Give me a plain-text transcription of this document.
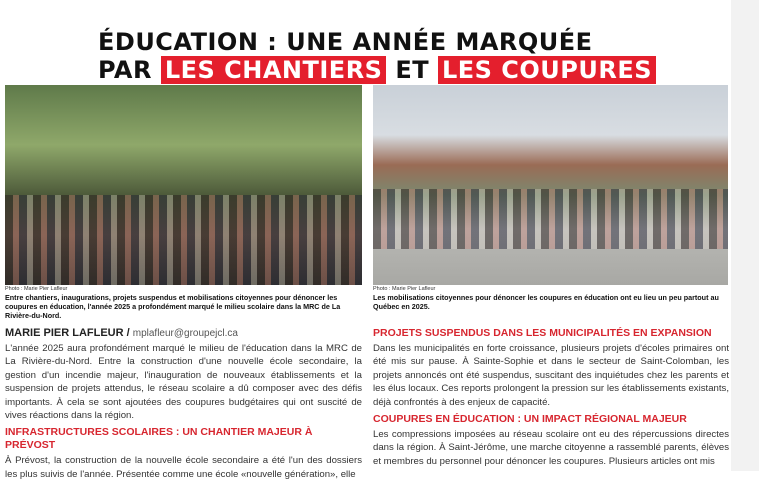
ÉDUCATION : UNE ANNÉE MARQUÉE
PAR LES CHANTIERS ET LES COUPURES
Photo : Marie Pier Lafleur
Entre chantiers, inaugurations, projets suspendus et mobilisations citoyennes pour dénoncer les coupures en éducation, l'année 2025 a profondément marqué le milieu scolaire dans la MRC de La Rivière-du-Nord.
MARIE PIER LAFLEUR / mplafleur@groupejcl.ca
L'année 2025 aura profondément marqué le milieu de l'éducation dans la MRC de La Rivière-du-Nord. Entre la construction d'une nouvelle école secondaire, la gestion d'un incendie majeur, l'inauguration de nouveaux établissements et la suspension de projets attendus, le réseau scolaire a dû composer avec des défis importants. À cela se sont ajoutées des coupures budgétaires qui ont suscité de vives réactions dans la région.
INFRASTRUCTURES SCOLAIRES : UN CHANTIER MAJEUR À PRÉVOST
À Prévost, la construction de la nouvelle école secondaire a été l'un des dossiers les plus suivis de l'année. Présentée comme une école «nouvelle génération», elle
Photo : Marie Pier Lafleur
Les mobilisations citoyennes pour dénoncer les coupures en éducation ont eu lieu un peu partout au Québec en 2025.
PROJETS SUSPENDUS DANS LES MUNICIPALITÉS EN EXPANSION
Dans les municipalités en forte croissance, plusieurs projets d'écoles primaires ont été mis sur pause. À Sainte-Sophie et dans le secteur de Saint-Colomban, les projets annoncés ont été suspendus, suscitant des inquiétudes chez les parents et les élus locaux. Ces reports prolongent la pression sur les établissements existants, déjà confrontés à des enjeux de capacité.
COUPURES EN ÉDUCATION : UN IMPACT RÉGIONAL MAJEUR
Les compressions imposées au réseau scolaire ont eu des répercussions directes dans la région. À Saint-Jérôme, une marche citoyenne a rassemblé parents, élèves et membres du personnel pour dénoncer les coupures. Plusieurs articles ont mis
